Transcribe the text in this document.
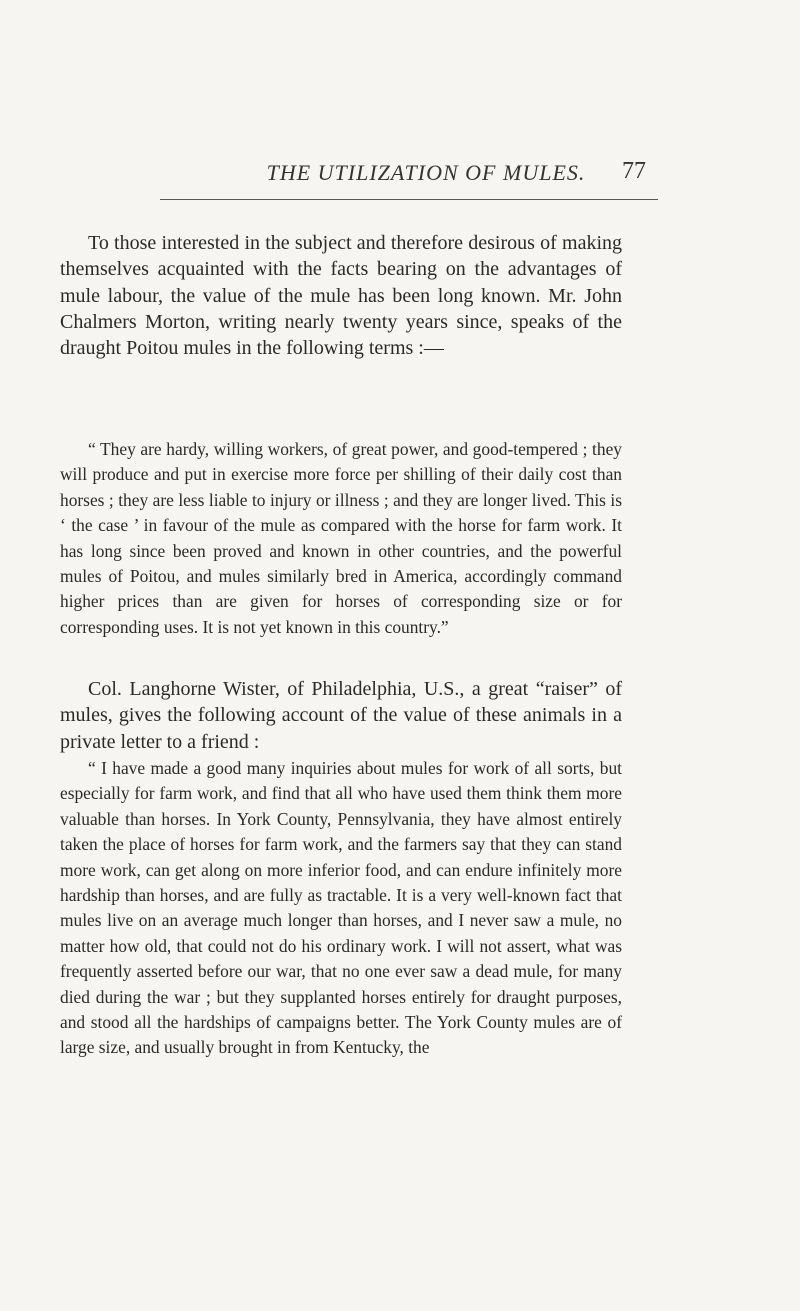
THE UTILIZATION OF MULES.	77

To those interested in the subject and therefore desirous of making themselves acquainted with the facts bearing on the advantages of mule labour, the value of the mule has been long known. Mr. John Chalmers Morton, writing nearly twenty years since, speaks of the draught Poitou mules in the following terms :—

“ They are hardy, willing workers, of great power, and good-tempered ; they will produce and put in exercise more force per shilling of their daily cost than horses ; they are less liable to injury or illness ; and they are longer lived. This is ‘ the case ’ in favour of the mule as compared with the horse for farm work. It has long since been proved and known in other countries, and the powerful mules of Poitou, and mules similarly bred in America, accordingly command higher prices than are given for horses of corresponding size or for corresponding uses. It is not yet known in this country.”

Col. Langhorne Wister, of Philadelphia, U.S., a great “raiser” of mules, gives the following account of the value of these animals in a private letter to a friend :

“ I have made a good many inquiries about mules for work of all sorts, but especially for farm work, and find that all who have used them think them more valuable than horses. In York County, Pennsylvania, they have almost entirely taken the place of horses for farm work, and the farmers say that they can stand more work, can get along on more inferior food, and can endure infinitely more hardship than horses, and are fully as tractable. It is a very well-known fact that mules live on an average much longer than horses, and I never saw a mule, no matter how old, that could not do his ordinary work. I will not assert, what was frequently asserted before our war, that no one ever saw a dead mule, for many died during the war ; but they supplanted horses entirely for draught purposes, and stood all the hardships of campaigns better. The York County mules are of large size, and usually brought in from Kentucky, the
